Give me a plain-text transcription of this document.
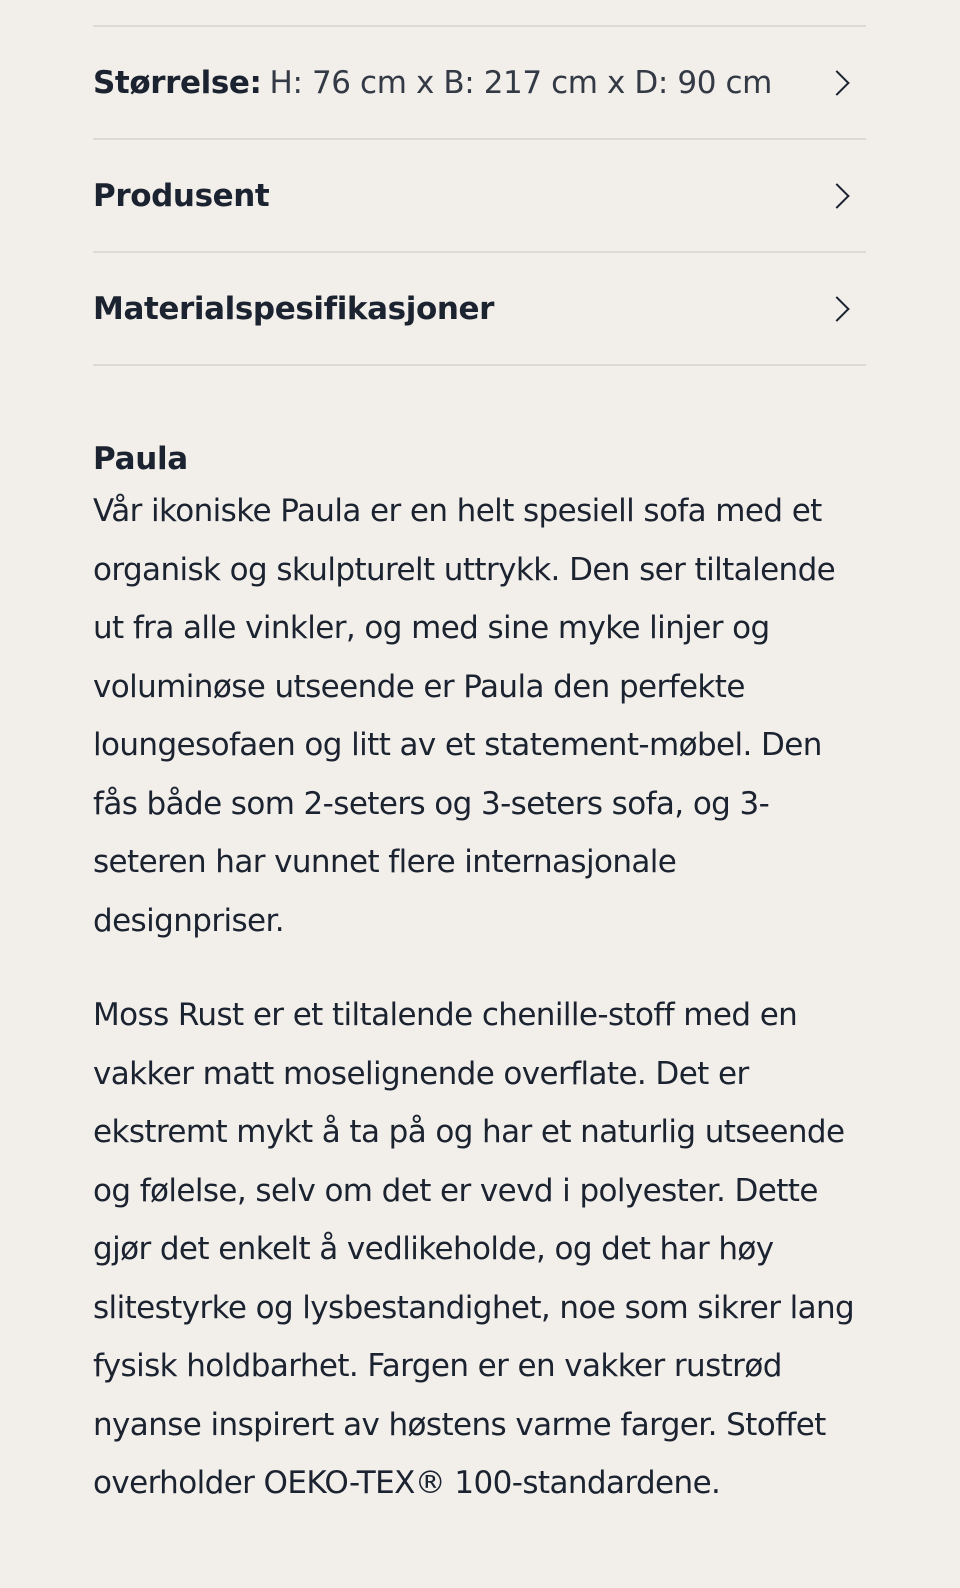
Størrelse: H: 76 cm x B: 217 cm x D: 90 cm
Produsent
Materialspesifikasjoner
Paula

Vår ikoniske Paula er en helt spesiell sofa med et organisk og skulpturelt uttrykk. Den ser tiltalende ut fra alle vinkler, og med sine myke linjer og voluminøse utseende er Paula den perfekte loungesofaen og litt av et statement-møbel. Den fås både som 2-seters og 3-seters sofa, og 3-seteren har vunnet flere internasjonale designpriser.

Moss Rust er et tiltalende chenille-stoff med en vakker matt moselignende overflate. Det er ekstremt mykt å ta på og har et naturlig utseende og følelse, selv om det er vevd i polyester. Dette gjør det enkelt å vedlikeholde, og det har høy slitestyrke og lysbestandighet, noe som sikrer lang fysisk holdbarhet. Fargen er en vakker rustrød nyanse inspirert av høstens varme farger. Stoffet overholder OEKO-TEX® 100-standardene.
